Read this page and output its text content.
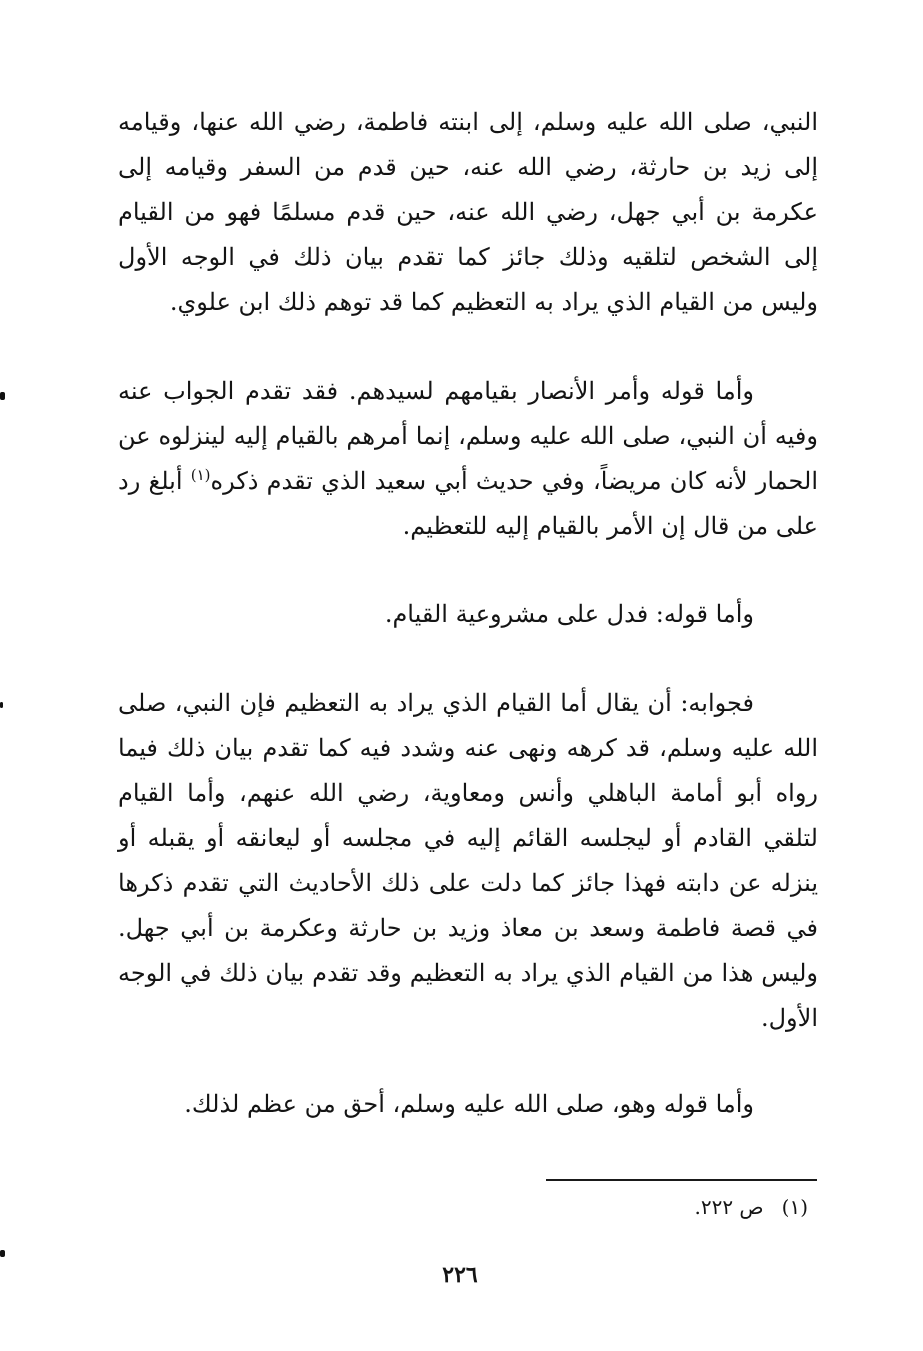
النبي، صلى الله عليه وسلم، إلى ابنته فاطمة، رضي الله عنها، وقيامه إلى زيد بن حارثة، رضي الله عنه، حين قدم من السفر وقيامه إلى عكرمة بن أبي جهل، رضي الله عنه، حين قدم مسلمًا فهو من القيام إلى الشخص لتلقيه وذلك جائز كما تقدم بيان ذلك في الوجه الأول وليس من القيام الذي يراد به التعظيم كما قد توهم ذلك ابن علوي.

وأما قوله وأمر الأنصار بقيامهم لسيدهم. فقد تقدم الجواب عنه وفيه أن النبي، صلى الله عليه وسلم، إنما أمرهم بالقيام إليه لينزلوه عن الحمار لأنه كان مريضاً، وفي حديث أبي سعيد الذي تقدم ذكره$^{(١)}$ أبلغ رد على من قال إن الأمر بالقيام إليه للتعظيم.

وأما قوله: فدل على مشروعية القيام.

فجوابه: أن يقال أما القيام الذي يراد به التعظيم فإن النبي، صلى الله عليه وسلم، قد كرهه ونهى عنه وشدد فيه كما تقدم بيان ذلك فيما رواه أبو أمامة الباهلي وأنس ومعاوية، رضي الله عنهم، وأما القيام لتلقي القادم أو ليجلسه القائم إليه في مجلسه أو ليعانقه أو يقبله أو ينزله عن دابته فهذا جائز كما دلت على ذلك الأحاديث التي تقدم ذكرها في قصة فاطمة وسعد بن معاذ وزيد بن حارثة وعكرمة بن أبي جهل. وليس هذا من القيام الذي يراد به التعظيم وقد تقدم بيان ذلك في الوجه الأول.

وأما قوله وهو، صلى الله عليه وسلم، أحق من عظم لذلك.

(١)ص ٢٢٢.
٢٢٦
